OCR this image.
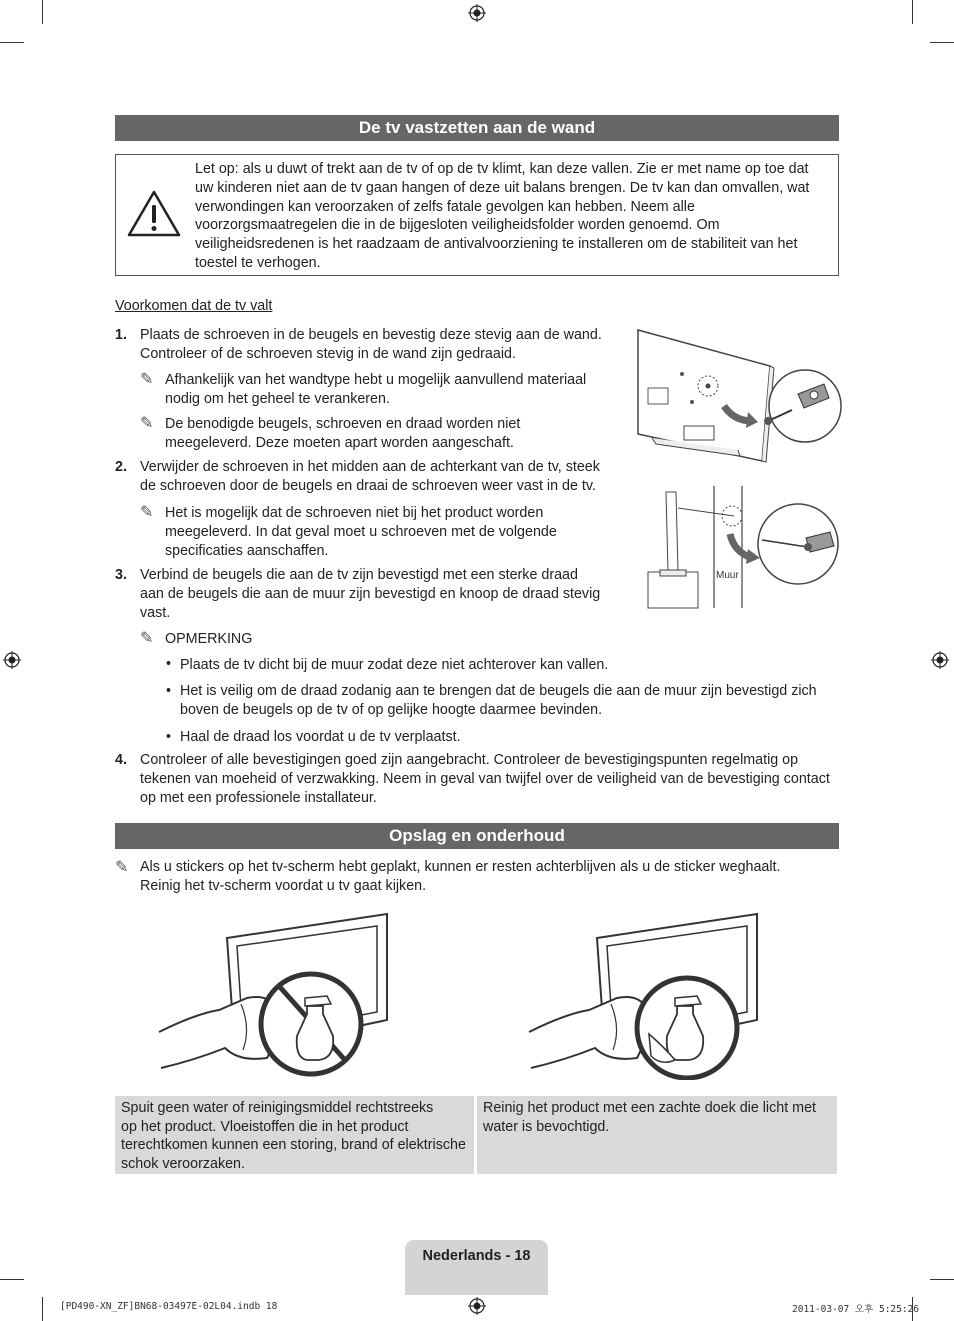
De tv vastzetten aan de wand
Let op: als u duwt of trekt aan de tv of op de tv klimt, kan deze vallen. Zie er met name op toe dat uw kinderen niet aan de tv gaan hangen of deze uit balans brengen. De tv kan dan omvallen, wat verwondingen kan veroorzaken of zelfs fatale gevolgen kan hebben. Neem alle voorzorgsmaatregelen die in de bijgesloten veiligheidsfolder worden genoemd. Om veiligheidsredenen is het raadzaam de antivalvoorziening te installeren om de stabiliteit van het toestel te verhogen.
Voorkomen dat de tv valt
1. Plaats de schroeven in de beugels en bevestig deze stevig aan de wand.
Controleer of de schroeven stevig in de wand zijn gedraaid.
✎ Afhankelijk van het wandtype hebt u mogelijk aanvullend materiaal
nodig om het geheel te verankeren.
✎ De benodigde beugels, schroeven en draad worden niet
meegeleverd. Deze moeten apart worden aangeschaft.
2. Verwijder de schroeven in het midden aan de achterkant van de tv, steek
de schroeven door de beugels en draai de schroeven weer vast in de tv.
✎ Het is mogelijk dat de schroeven niet bij het product worden
meegeleverd. In dat geval moet u schroeven met de volgende
specificaties aanschaffen.
3. Verbind de beugels die aan de tv zijn bevestigd met een sterke draad
aan de beugels die aan de muur zijn bevestigd en knoop de draad stevig
vast.
✎ OPMERKING
• Plaats de tv dicht bij de muur zodat deze niet achterover kan vallen.
• Het is veilig om de draad zodanig aan te brengen dat de beugels die aan de muur zijn bevestigd zich
boven de beugels op de tv of op gelijke hoogte daarmee bevinden.
• Haal de draad los voordat u de tv verplaatst.
4. Controleer of alle bevestigingen goed zijn aangebracht. Controleer de bevestigingspunten regelmatig op
tekenen van moeheid of verzwakking. Neem in geval van twijfel over de veiligheid van de bevestiging contact
op met een professionele installateur.
Muur
Opslag en onderhoud
✎ Als u stickers op het tv-scherm hebt geplakt, kunnen er resten achterblijven als u de sticker weghaalt.
Reinig het tv-scherm voordat u tv gaat kijken.
Spuit geen water of reinigingsmiddel rechtstreeks
op het product. Vloeistoffen die in het product
terechtkomen kunnen een storing, brand of elektrische
schok veroorzaken.
Reinig het product met een zachte doek die licht met
water is bevochtigd.
Nederlands - 18
[PD490-XN_ZF]BN68-03497E-02L04.indb 18	2011-03-07 오후 5:25:26
